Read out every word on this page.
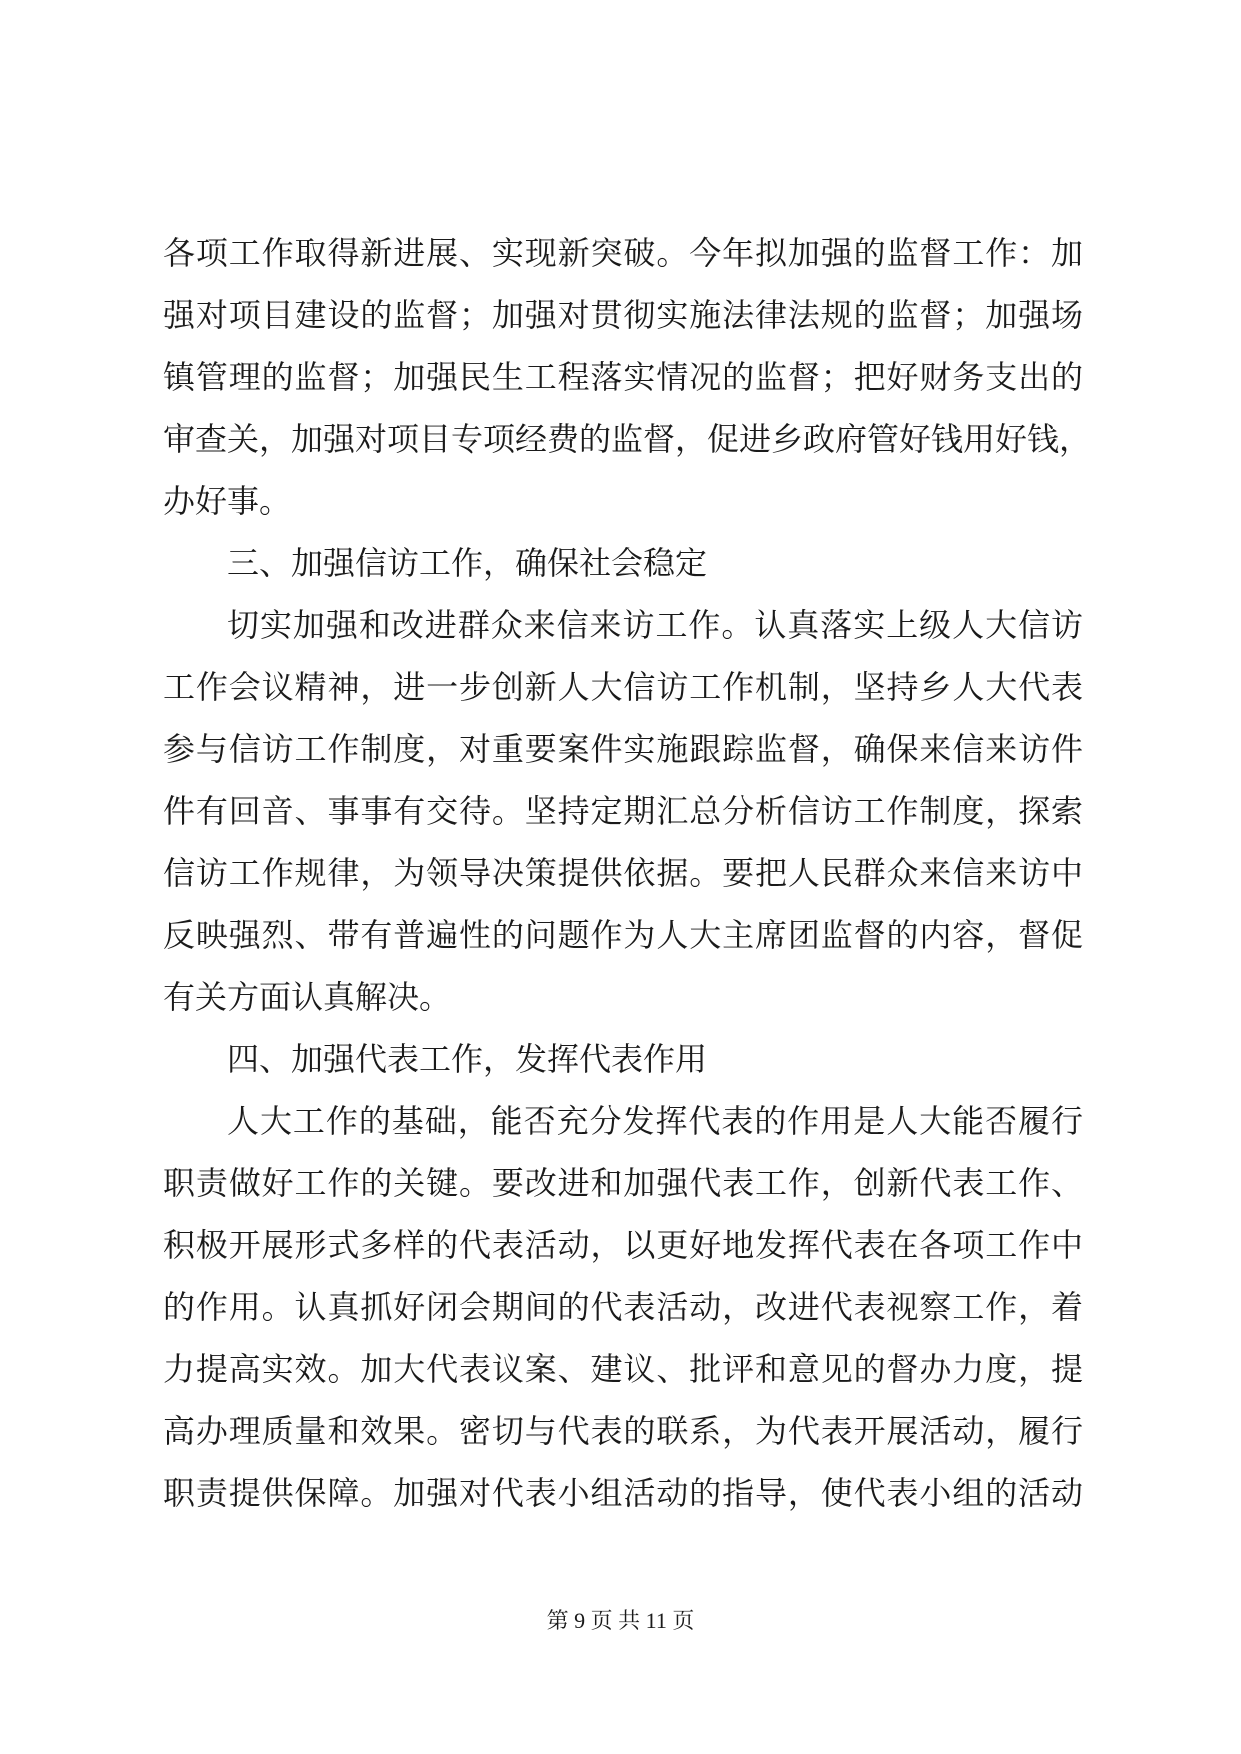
各项工作取得新进展、实现新突破。今年拟加强的监督工作：加
强对项目建设的监督；加强对贯彻实施法律法规的监督；加强场
镇管理的监督；加强民生工程落实情况的监督；把好财务支出的
审查关，加强对项目专项经费的监督，促进乡政府管好钱用好钱，
办好事。
三、加强信访工作，确保社会稳定
切实加强和改进群众来信来访工作。认真落实上级人大信访
工作会议精神，进一步创新人大信访工作机制，坚持乡人大代表
参与信访工作制度，对重要案件实施跟踪监督，确保来信来访件
件有回音、事事有交待。坚持定期汇总分析信访工作制度，探索
信访工作规律，为领导决策提供依据。要把人民群众来信来访中
反映强烈、带有普遍性的问题作为人大主席团监督的内容，督促
有关方面认真解决。
四、加强代表工作，发挥代表作用
人大工作的基础，能否充分发挥代表的作用是人大能否履行
职责做好工作的关键。要改进和加强代表工作，创新代表工作、
积极开展形式多样的代表活动，以更好地发挥代表在各项工作中
的作用。认真抓好闭会期间的代表活动，改进代表视察工作，着
力提高实效。加大代表议案、建议、批评和意见的督办力度，提
高办理质量和效果。密切与代表的联系，为代表开展活动，履行
职责提供保障。加强对代表小组活动的指导，使代表小组的活动
第 9 页 共 11 页
